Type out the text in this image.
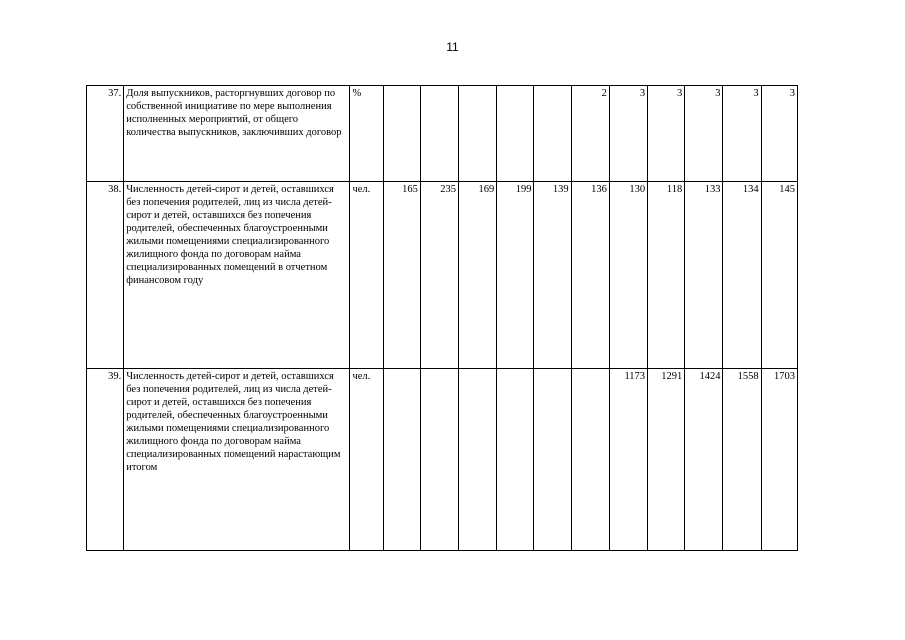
11
37.	Доля выпускников, расторгнувших договор по собственной инициативе по мере выполнения исполненных мероприятий, от общего количества выпускников, заключивших договор	%						2	3	3	3	3	3
38.	Численность детей-сирот и детей, оставшихся без попечения родителей, лиц из числа детей-сирот и детей, оставшихся без попечения родителей, обеспеченных благоустроенными жилыми помещениями специализированного жилищного фонда по договорам найма специализированных помещений в отчетном финансовом году	чел.	165	235	169	199	139	136	130	118	133	134	145
39.	Численность детей-сирот и детей, оставшихся без попечения родителей, лиц из числа детей-сирот и детей, оставшихся без попечения родителей, обеспеченных благоустроенными жилыми помещениями специализированного жилищного фонда по договорам найма специализированных помещений нарастающим итогом	чел.							1173	1291	1424	1558	1703
